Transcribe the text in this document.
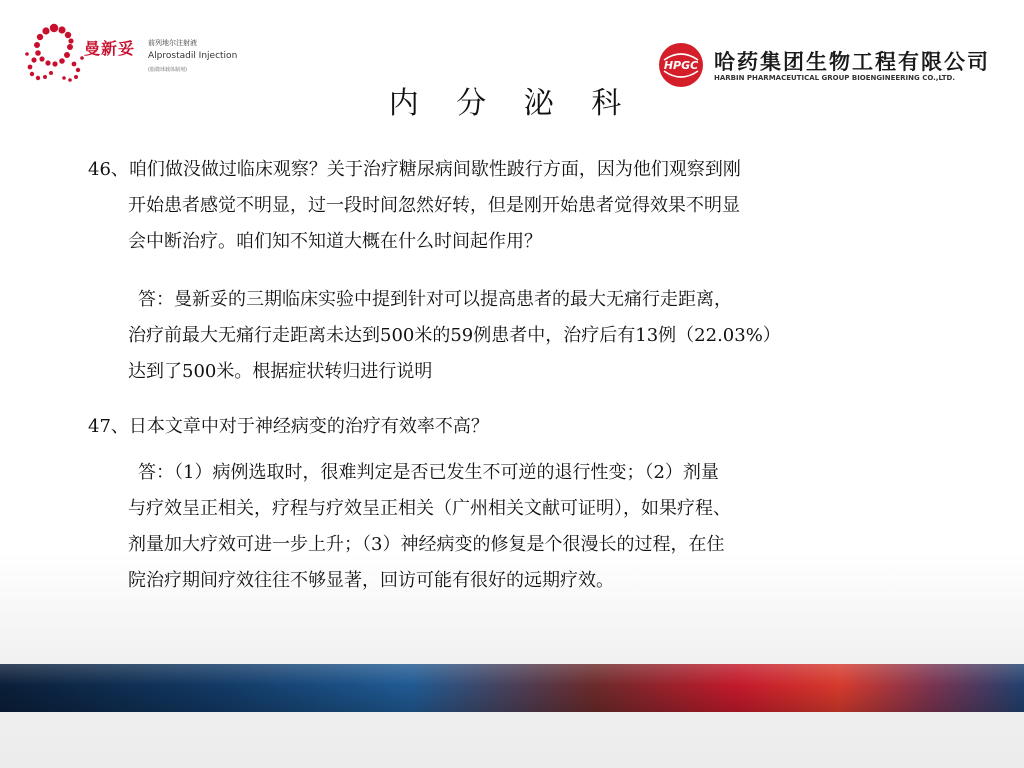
曼新妥 前列地尔注射液
Alprostadil Injection
(脂微球载体制剂)	HPGC 哈药集团生物工程有限公司
HARBIN PHARMACEUTICAL GROUP BIOENGINEERING CO.,LTD.
内 分 泌 科
46、咱们做没做过临床观察？关于治疗糖尿病间歇性跛行方面，因为他们观察到刚
开始患者感觉不明显，过一段时间忽然好转，但是刚开始患者觉得效果不明显
会中断治疗。咱们知不知道大概在什么时间起作用？
答：曼新妥的三期临床实验中提到针对可以提高患者的最大无痛行走距离，
治疗前最大无痛行走距离未达到500米的59例患者中，治疗后有13例（22.03%）
达到了500米。根据症状转归进行说明
47、日本文章中对于神经病变的治疗有效率不高？
答：（1）病例选取时，很难判定是否已发生不可逆的退行性变；（2）剂量
与疗效呈正相关，疗程与疗效呈正相关（广州相关文献可证明），如果疗程、
剂量加大疗效可进一步上升；（3）神经病变的修复是个很漫长的过程，在住
院治疗期间疗效往往不够显著，回访可能有很好的远期疗效。
